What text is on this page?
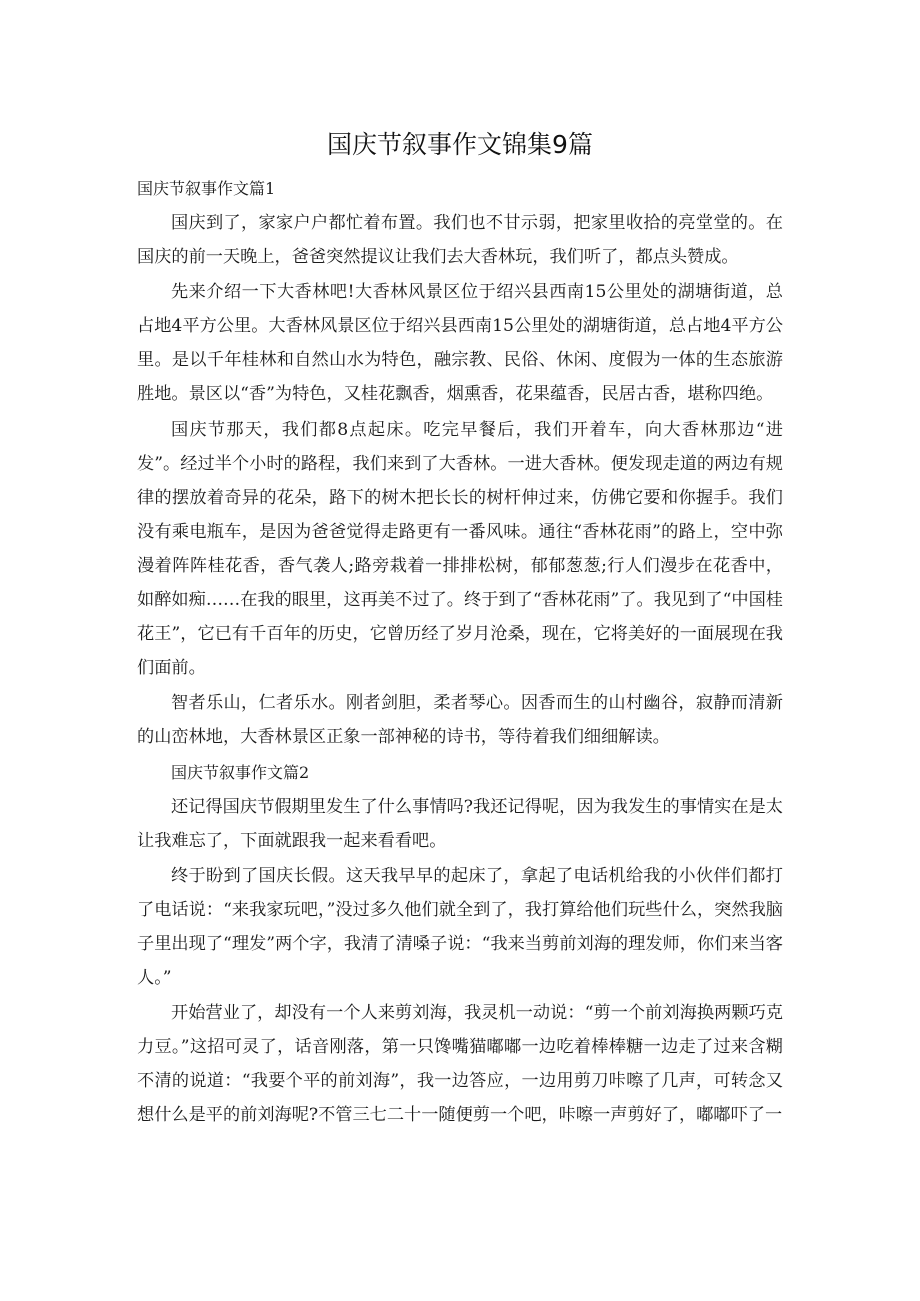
国庆节叙事作文锦集9篇
国庆节叙事作文篇1

国庆到了，家家户户都忙着布置。我们也不甘示弱，把家里收拾的亮堂堂的。在国庆的前一天晚上，爸爸突然提议让我们去大香林玩，我们听了，都点头赞成。

先来介绍一下大香林吧!大香林风景区位于绍兴县西南15公里处的湖塘街道，总占地4平方公里。大香林风景区位于绍兴县西南15公里处的湖塘街道，总占地4平方公里。是以千年桂林和自然山水为特色，融宗教、民俗、休闲、度假为一体的生态旅游胜地。景区以“香”为特色，又桂花飘香，烟熏香，花果蕴香，民居古香，堪称四绝。

国庆节那天，我们都8点起床。吃完早餐后，我们开着车，向大香林那边“进发”。经过半个小时的路程，我们来到了大香林。一进大香林。便发现走道的两边有规律的摆放着奇异的花朵，路下的树木把长长的树杆伸过来，仿佛它要和你握手。我们没有乘电瓶车，是因为爸爸觉得走路更有一番风味。通往“香林花雨”的路上，空中弥漫着阵阵桂花香，香气袭人;路旁栽着一排排松树，郁郁葱葱;行人们漫步在花香中，如醉如痴……在我的眼里，这再美不过了。终于到了“香林花雨”了。我见到了“中国桂花王”，它已有千百年的历史，它曾历经了岁月沧桑，现在，它将美好的一面展现在我们面前。

智者乐山，仁者乐水。刚者剑胆，柔者琴心。因香而生的山村幽谷，寂静而清新的山峦林地，大香林景区正象一部神秘的诗书，等待着我们细细解读。

国庆节叙事作文篇2

还记得国庆节假期里发生了什么事情吗?我还记得呢，因为我发生的事情实在是太让我难忘了，下面就跟我一起来看看吧。

终于盼到了国庆长假。这天我早早的起床了，拿起了电话机给我的小伙伴们都打了电话说：“来我家玩吧，”没过多久他们就全到了，我打算给他们玩些什么，突然我脑子里出现了“理发”两个字，我清了清嗓子说：“我来当剪前刘海的理发师，你们来当客人。”

开始营业了，却没有一个人来剪刘海，我灵机一动说：“剪一个前刘海换两颗巧克力豆。”这招可灵了，话音刚落，第一只馋嘴猫嘟嘟一边吃着棒棒糖一边走了过来含糊不清的说道：“我要个平的前刘海”，我一边答应，一边用剪刀咔嚓了几声，可转念又想什么是平的前刘海呢?不管三七二十一随便剪一个吧，咔嚓一声剪好了，嘟嘟吓了一
